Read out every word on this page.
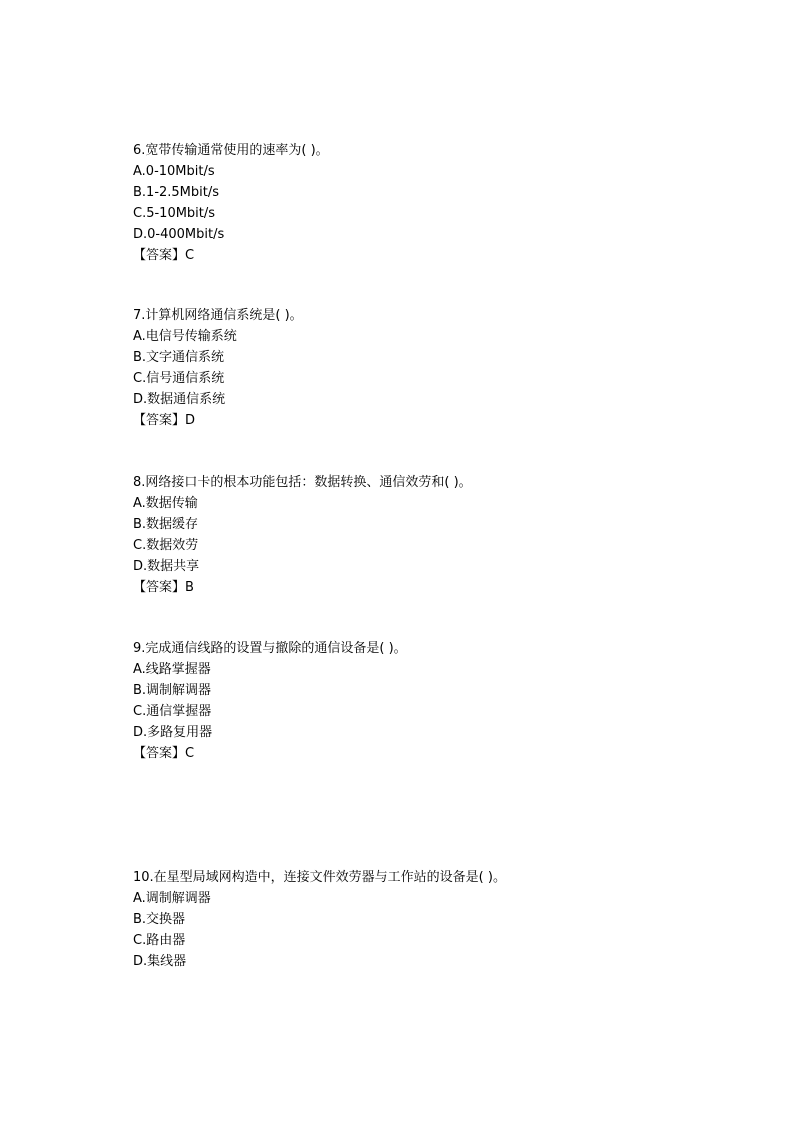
6.宽带传输通常使用的速率为( )。
A.0-10Mbit/s
B.1-2.5Mbit/s
C.5-10Mbit/s
D.0-400Mbit/s
【答案】C
7.计算机网络通信系统是( )。
A.电信号传输系统
B.文字通信系统
C.信号通信系统
D.数据通信系统
【答案】D
8.网络接口卡的根本功能包括：数据转换、通信效劳和( )。
A.数据传输
B.数据缓存
C.数据效劳
D.数据共享
【答案】B
9.完成通信线路的设置与撤除的通信设备是( )。
A.线路掌握器
B.调制解调器
C.通信掌握器
D.多路复用器
【答案】C
10.在星型局域网构造中，连接文件效劳器与工作站的设备是( )。
A.调制解调器
B.交换器
C.路由器
D.集线器
